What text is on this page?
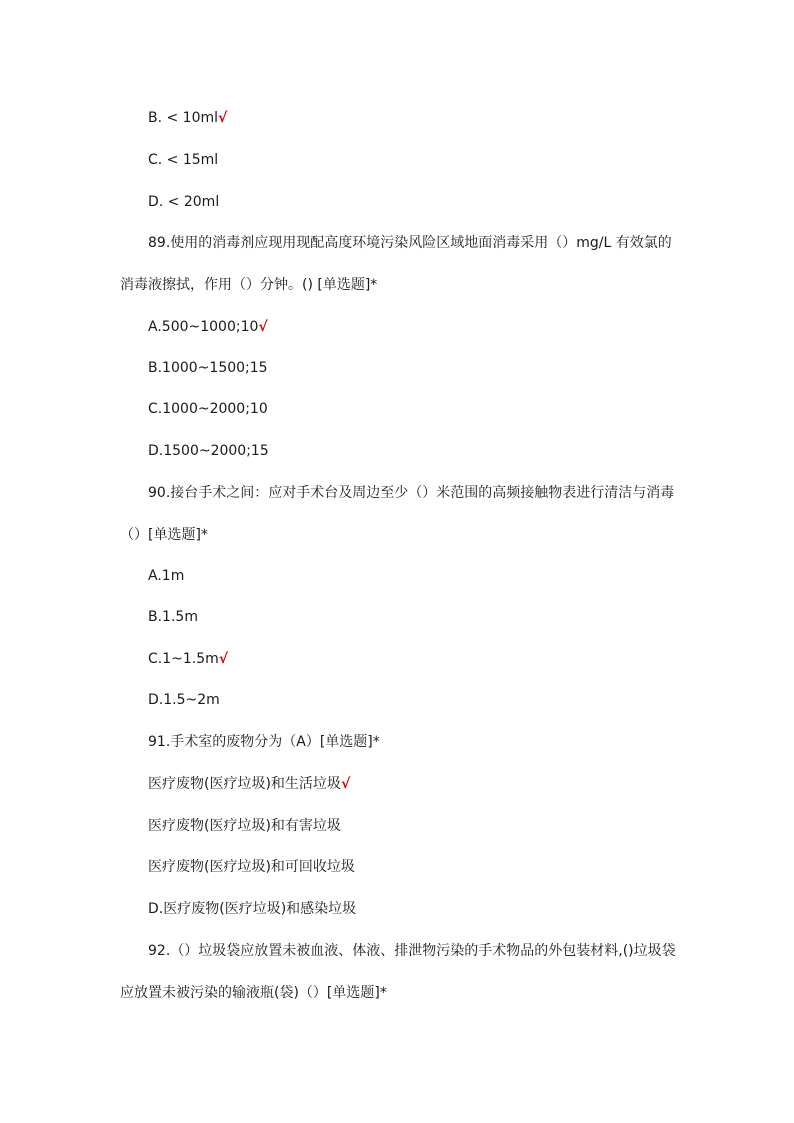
B. < 10ml√
C. < 15ml
D. < 20ml
89.使用的消毒剂应现用现配高度环境污染风险区域地面消毒采用（）mg/L 有效氯的
消毒液擦拭，作用（）分钟。() [单选题]*
A.500~1000;10√
B.1000~1500;15
C.1000~2000;10
D.1500~2000;15
90.接台手术之间：应对手术台及周边至少（）米范围的高频接触物表进行清洁与消毒
（）[单选题]*
A.1m
B.1.5m
C.1~1.5m√
D.1.5~2m
91.手术室的废物分为（A）[单选题]*
医疗废物(医疗垃圾)和生活垃圾√
医疗废物(医疗垃圾)和有害垃圾
医疗废物(医疗垃圾)和可回收垃圾
D.医疗废物(医疗垃圾)和感染垃圾
92.（）垃圾袋应放置未被血液、体液、排泄物污染的手术物品的外包装材料,()垃圾袋
应放置未被污染的输液瓶(袋)（）[单选题]*
